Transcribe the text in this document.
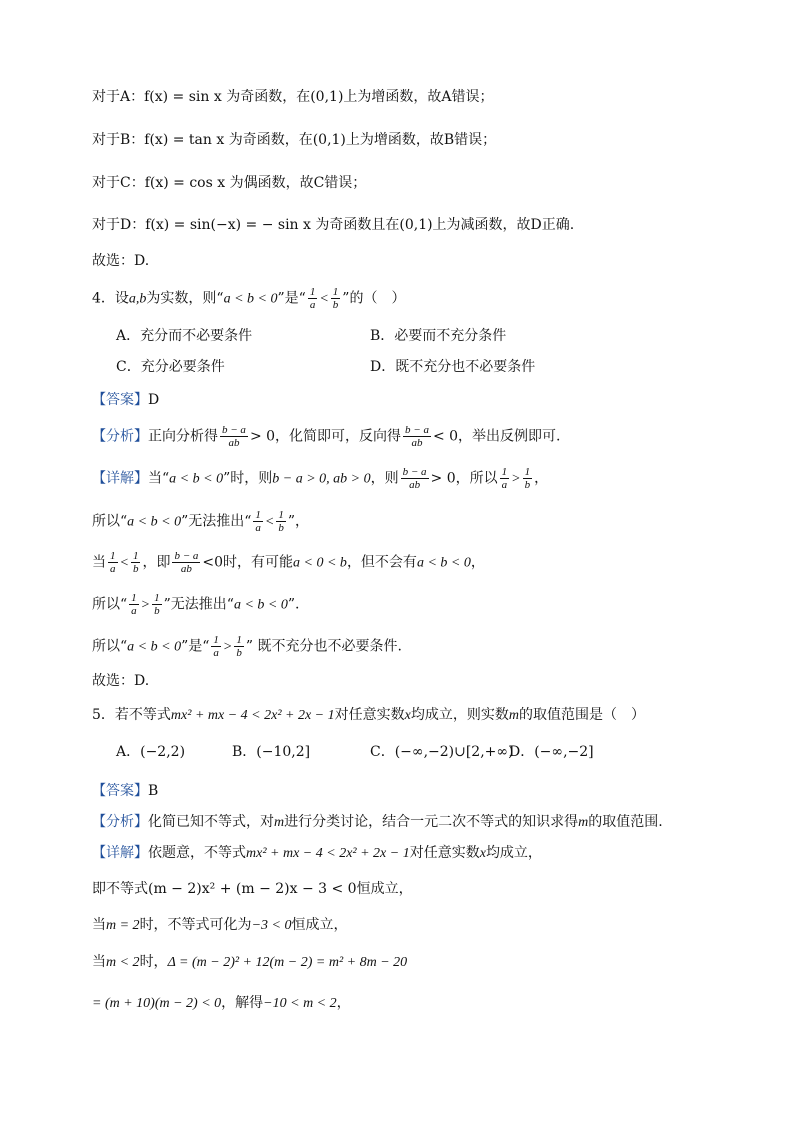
对于A：f(x) = sin x 为奇函数，在(0,1)上为增函数，故A错误；
对于B：f(x) = tan x 为奇函数，在(0,1)上为增函数，故B错误；
对于C：f(x) = cos x 为偶函数，故C错误；
对于D：f(x) = sin(−x) = − sin x 为奇函数且在(0,1)上为减函数，故D正确.
故选：D.
4．设a,b为实数，则“a < b < 0”是“ $\frac{1}{a} < \frac{1}{b}$ ”的（　）
A．充分而不必要条件	B．必要而不充分条件
C．充分必要条件	D．既不充分也不必要条件
【答案】D
【分析】正向分析得 $\frac{b - a}{ab} > 0$，化简即可，反向得 $\frac{b - a}{ab} < 0$，举出反例即可.
【详解】当“a < b < 0”时，则b − a > 0, ab > 0，则 $\frac{b - a}{ab} > 0$，所以 $\frac{1}{a} > \frac{1}{b}$ ，
所以“a < b < 0”无法推出“ $\frac{1}{a} < \frac{1}{b}$ ”，
当 $\frac{1}{a} < \frac{1}{b}$ ，即 $\frac{b - a}{ab} <0$时，有可能a < 0 < b，但不会有a < b < 0，
所以“ $\frac{1}{a} > \frac{1}{b}$ ”无法推出“a < b < 0”.
所以“a < b < 0”是“ $\frac{1}{a} > \frac{1}{b}$ ” 既不充分也不必要条件.
故选：D.
5．若不等式mx² + mx − 4 < 2x² + 2x − 1对任意实数x均成立，则实数m的取值范围是（　）
A．(−2,2)	B．(−10,2]	C．(−∞,−2)∪[2,+∞)
D．(−∞,−2]
【答案】B
【分析】化简已知不等式，对m进行分类讨论，结合一元二次不等式的知识求得m的取值范围.
【详解】依题意，不等式mx² + mx − 4 < 2x² + 2x − 1对任意实数x均成立，
即不等式(m − 2)x² + (m − 2)x − 3 < 0恒成立，
当m = 2时，不等式可化为−3 < 0恒成立，
当m < 2时，Δ = (m − 2)² + 12(m − 2) = m² + 8m − 20
= (m + 10)(m − 2) < 0，解得−10 < m < 2，
